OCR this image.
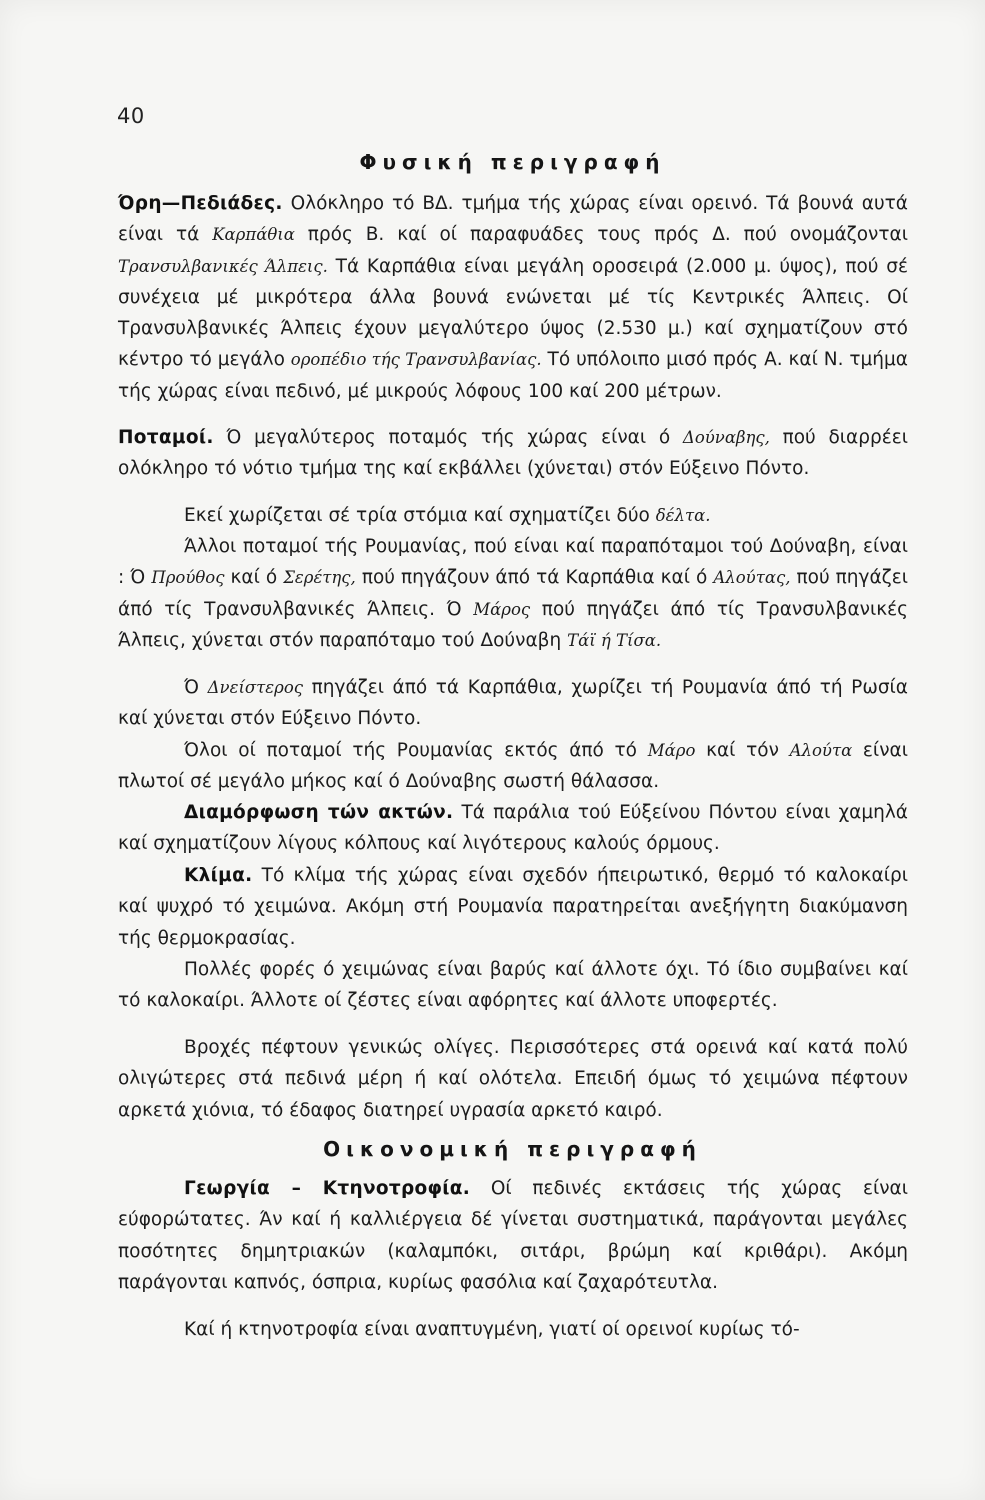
40
Φυσική περιγραφή

Όρη—Πεδιάδες. Ολόκληρο τό ΒΔ. τμήμα τής χώρας είναι ορεινό. Τά βουνά αυτά είναι τά Καρπάθια πρός Β. καί οί παραφυάδες τους πρός Δ. πού ονομάζονται Τρανσυλβανικές Άλπεις. Τά Καρπάθια είναι μεγάλη οροσειρά (2.000 μ. ύψος), πού σέ συνέχεια μέ μικρότερα άλλα βουνά ενώνεται μέ τίς Κεντρικές Άλπεις. Οί Τρανσυλβανικές Άλπεις έχουν μεγαλύτερο ύψος (2.530 μ.) καί σχηματίζουν στό κέντρο τό μεγάλο οροπέδιο τής Τρανσυλβανίας. Τό υπόλοιπο μισό πρός Α. καί Ν. τμήμα τής χώρας είναι πεδινό, μέ μικρούς λόφους 100 καί 200 μέτρων.

Ποταμοί. Ό μεγαλύτερος ποταμός τής χώρας είναι ό Δούναβης, πού διαρρέει ολόκληρο τό νότιο τμήμα της καί εκβάλλει (χύνεται) στόν Εύξεινο Πόντο.

Εκεί χωρίζεται σέ τρία στόμια καί σχηματίζει δύο δέλτα.

Άλλοι ποταμοί τής Ρουμανίας, πού είναι καί παραπόταμοι τού Δούναβη, είναι : Ό Προύθος καί ό Σερέτης, πού πηγάζουν άπό τά Καρπάθια καί ό Αλούτας, πού πηγάζει άπό τίς Τρανσυλβανικές Άλπεις. Ό Μάρος πού πηγάζει άπό τίς Τρανσυλβανικές Άλπεις, χύνεται στόν παραπόταμο τού Δούναβη Τάϊ ή Τίσα.

Ό Δνείστερος πηγάζει άπό τά Καρπάθια, χωρίζει τή Ρουμανία άπό τή Ρωσία καί χύνεται στόν Εύξεινο Πόντο.

Όλοι οί ποταμοί τής Ρουμανίας εκτός άπό τό Μάρο καί τόν Αλούτα είναι πλωτοί σέ μεγάλο μήκος καί ό Δούναβης σωστή θάλασσα.

Διαμόρφωση τών ακτών. Τά παράλια τού Εύξείνου Πόντου είναι χαμηλά καί σχηματίζουν λίγους κόλπους καί λιγότερους καλούς όρμους.

Κλίμα. Τό κλίμα τής χώρας είναι σχεδόν ήπειρωτικό, θερμό τό καλοκαίρι καί ψυχρό τό χειμώνα. Ακόμη στή Ρουμανία παρατηρείται ανεξήγητη διακύμανση τής θερμοκρασίας.

Πολλές φορές ό χειμώνας είναι βαρύς καί άλλοτε όχι. Τό ίδιο συμβαίνει καί τό καλοκαίρι. Άλλοτε οί ζέστες είναι αφόρητες καί άλλοτε υποφερτές.

Βροχές πέφτουν γενικώς ολίγες. Περισσότερες στά ορεινά καί κατά πολύ ολιγώτερες στά πεδινά μέρη ή καί ολότελα. Επειδή όμως τό χειμώνα πέφτουν αρκετά χιόνια, τό έδαφος διατηρεί υγρασία αρκετό καιρό.

Οικονομική περιγραφή

Γεωργία – Κτηνοτροφία. Οί πεδινές εκτάσεις τής χώρας είναι εύφορώτατες. Άν καί ή καλλιέργεια δέ γίνεται συστηματικά, παράγονται μεγάλες ποσότητες δημητριακών (καλαμπόκι, σιτάρι, βρώμη καί κριθάρι). Ακόμη παράγονται καπνός, όσπρια, κυρίως φασόλια καί ζαχαρότευτλα.

Καί ή κτηνοτροφία είναι αναπτυγμένη, γιατί οί ορεινοί κυρίως τό-
